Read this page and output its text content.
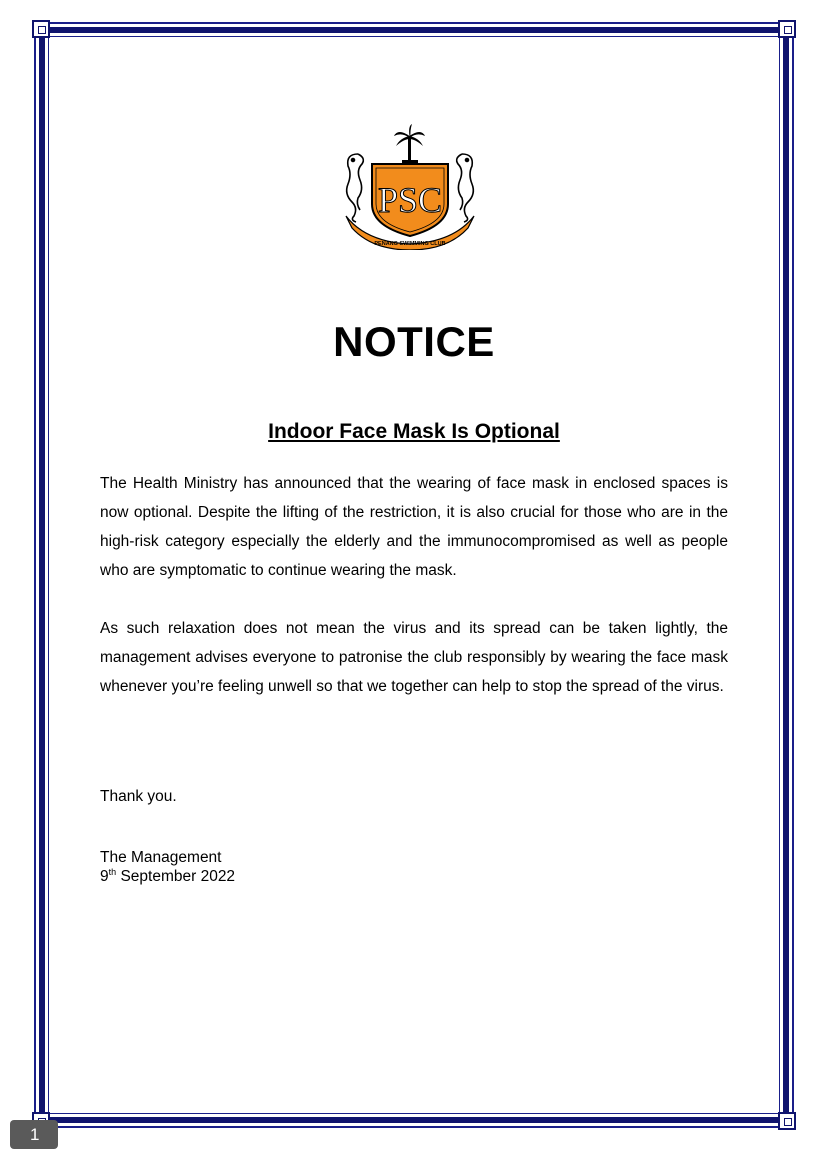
PENANG SWIMMING CLUB
PSC
NOTICE
Indoor Face Mask Is Optional

The Health Ministry has announced that the wearing of face mask in enclosed spaces is now optional. Despite the lifting of the restriction, it is also crucial for those who are in the high-risk category especially the elderly and the immunocompromised as well as people who are symptomatic to continue wearing the mask.

As such relaxation does not mean the virus and its spread can be taken lightly, the management advises everyone to patronise the club responsibly by wearing the face mask whenever you’re feeling unwell so that we together can help to stop the spread of the virus.

Thank you.

The Management
9th September 2022
1
